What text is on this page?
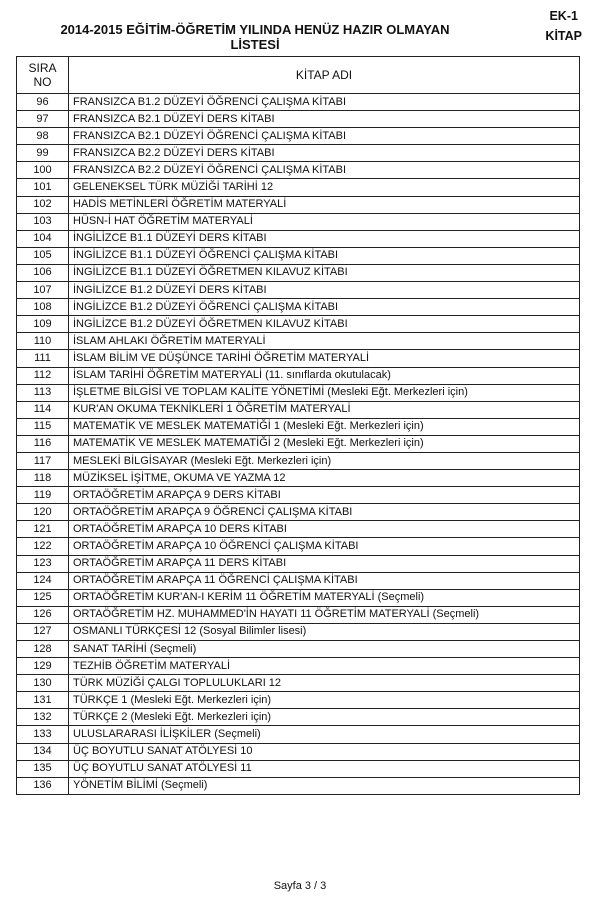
2014-2015 EĞİTİM-ÖĞRETİM YILINDA HENÜZ HAZIR OLMAYAN
LİSTESİ
EK-1
KİTAP
SIRA
NO	KİTAP ADI
96	FRANSIZCA B1.2 DÜZEYİ ÖĞRENCİ ÇALIŞMA KİTABI
97	FRANSIZCA B2.1 DÜZEYİ DERS KİTABI
98	FRANSIZCA B2.1 DÜZEYİ ÖĞRENCİ ÇALIŞMA KİTABI
99	FRANSIZCA B2.2 DÜZEYİ DERS KİTABI
100	FRANSIZCA B2.2 DÜZEYİ ÖĞRENCİ ÇALIŞMA KİTABI
101	GELENEKSEL TÜRK MÜZİĞİ TARİHİ 12
102	HADİS METİNLERİ ÖĞRETİM MATERYALİ
103	HÜSN-İ HAT ÖĞRETİM MATERYALİ
104	İNGİLİZCE B1.1 DÜZEYİ DERS KİTABI
105	İNGİLİZCE B1.1 DÜZEYİ ÖĞRENCİ ÇALIŞMA KİTABI
106	İNGİLİZCE B1.1 DÜZEYİ ÖĞRETMEN KILAVUZ KİTABI
107	İNGİLİZCE B1.2 DÜZEYİ DERS KİTABI
108	İNGİLİZCE B1.2 DÜZEYİ ÖĞRENCİ ÇALIŞMA KİTABI
109	İNGİLİZCE B1.2 DÜZEYİ ÖĞRETMEN KILAVUZ KİTABI
110	İSLAM AHLAKI ÖĞRETİM MATERYALİ
111	İSLAM BİLİM VE DÜŞÜNCE TARİHİ ÖĞRETİM MATERYALİ
112	İSLAM TARİHİ ÖĞRETİM MATERYALİ (11. sınıflarda okutulacak)
113	İŞLETME BİLGİSİ VE TOPLAM KALİTE YÖNETİMİ (Mesleki Eğt. Merkezleri için)
114	KUR'AN OKUMA TEKNİKLERİ 1 ÖĞRETİM MATERYALİ
115	MATEMATİK VE MESLEK MATEMATİĞİ 1 (Mesleki Eğt. Merkezleri için)
116	MATEMATİK VE MESLEK MATEMATİĞİ 2 (Mesleki Eğt. Merkezleri için)
117	MESLEKİ BİLGİSAYAR (Mesleki Eğt. Merkezleri için)
118	MÜZİKSEL İŞİTME, OKUMA VE YAZMA 12
119	ORTAÖĞRETİM ARAPÇA 9 DERS KİTABI
120	ORTAÖĞRETİM ARAPÇA 9 ÖĞRENCİ ÇALIŞMA KİTABI
121	ORTAÖĞRETİM ARAPÇA 10 DERS KİTABI
122	ORTAÖĞRETİM ARAPÇA 10 ÖĞRENCİ ÇALIŞMA KİTABI
123	ORTAÖĞRETİM ARAPÇA 11 DERS KİTABI
124	ORTAÖĞRETİM ARAPÇA 11 ÖĞRENCİ ÇALIŞMA KİTABI
125	ORTAÖĞRETİM KUR'AN-I KERİM 11 ÖĞRETİM MATERYALİ (Seçmeli)
126	ORTAÖĞRETİM HZ. MUHAMMED'İN HAYATI 11 ÖĞRETİM MATERYALİ (Seçmeli)
127	OSMANLI TÜRKÇESİ 12 (Sosyal Bilimler lisesi)
128	SANAT TARİHİ (Seçmeli)
129	TEZHİB ÖĞRETİM MATERYALİ
130	TÜRK MÜZİĞİ ÇALGI TOPLULUKLARI 12
131	TÜRKÇE 1 (Mesleki Eğt. Merkezleri için)
132	TÜRKÇE 2 (Mesleki Eğt. Merkezleri için)
133	ULUSLARARASI İLİŞKİLER (Seçmeli)
134	ÜÇ BOYUTLU SANAT ATÖLYESİ 10
135	ÜÇ BOYUTLU SANAT ATÖLYESİ 11
136	YÖNETİM BİLİMİ (Seçmeli)
Sayfa 3 / 3
